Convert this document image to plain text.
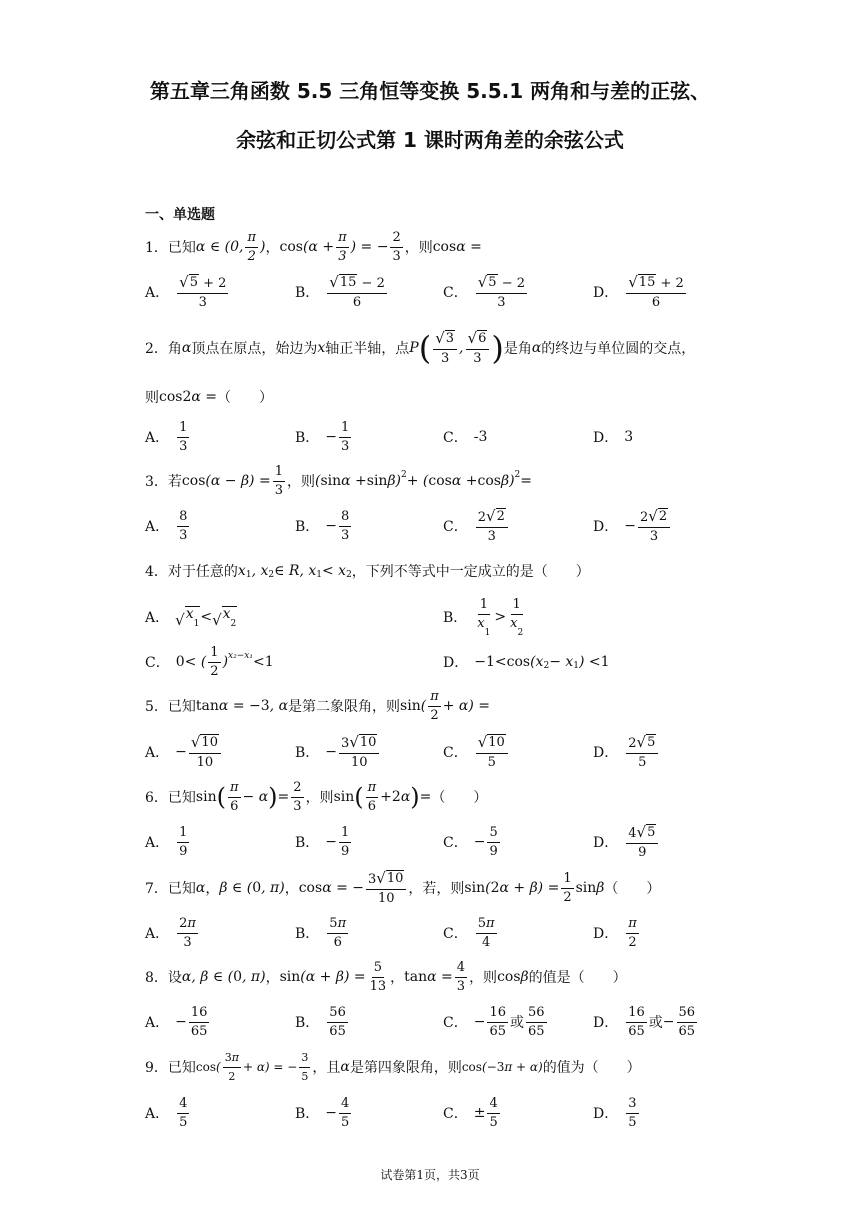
第五章三角函数 5.5 三角恒等变换 5.5.1 两角和与差的正弦、
余弦和正切公式第 1 课时两角差的余弦公式
一、单选题
1． 已知 α ∈ (0, $\frac{\pi}{2}$ ) ， $\cos (\alpha + \frac{\pi}{3}$ ) = − $\frac{2}{3}$ ，则 cos α =
A． $\frac{√ 5 + 2}{3}$	B． $\frac{√ 15 - 2}{6}$	C． $\frac{√ 5 - 2}{3}$	D． $\frac{√ 15 + 2}{6}$
2． 角 α 顶点在原点，始边为 x 轴正半轴，点 P ( $\frac{√ 3}{3}$ , $\frac{√ 6}{3}$ ) 是角 α 的终边与单位圆的交点，
则 cos2 α = （　　）
A． $\frac{1}{3}$	B． − $\frac{1}{3}$	C． -3	D． 3
3． 若 $\cos (\alpha - \beta) = \frac{1}{3}$ ，则 ( sin α + sin β)$^2$ + ( cos α + cos β)$^2$ =
A． $\frac{8}{3}$	B． − $\frac{8}{3}$	C． $\frac{2 √ 2}{3}$	D． − $\frac{2 √ 2}{3}$
4． 对于任意的 $x_1$ , $x_2$ ∈ R, $x_1 < x_2$ ，下列不等式中一定成立的是（　　）
A． √ $x_1$ < √ $x_2$	B． $\frac{1}{x_1} > \frac{1}{x_2}$
C． 0 < ( $\frac{1}{2} )^{x_2-x_1} < 1$	D． − $1 < \cos (x_2 - x_1$ ) < 1
5． 已知 tan α = − 3 , α 是第二象限角，则 sin ( $\frac{\pi}{2} + \alpha$) =
A． − $\frac{√ 10}{10}$	B． − $\frac{3 √ 10}{10}$	C． $\frac{√ 10}{5}$	D． $\frac{2 √ 5}{5}$
6． 已知 sin ( $\frac{\pi}{6} - \alpha$ ) = $\frac{2}{3}$ ，则 sin ( $\frac{\pi}{6} + 2$ α ) = （　　）
A． $\frac{1}{9}$	B． − $\frac{1}{9}$	C． − $\frac{5}{9}$	D． $\frac{4 √ 5}{9}$
7． 已知 α ， β ∈ ( 0 , π) ， cos α = − $\frac{3 √ 10}{10}$ ，若 ，则 sin ( 2 $\alpha + \beta) = \frac{1}{2}$ sin β （　　）
A． $\frac{2\pi}{3}$	B． $\frac{5\pi}{6}$	C． $\frac{5\pi}{4}$	D． $\frac{\pi}{2}$
8． 设 α, β ∈ ( 0 , π) ， $\sin (\alpha + \beta) = \frac{5}{13}$ ， $\tan \alpha = \frac{4}{3}$ ，则 cos β 的值是（　　）
A． − $\frac{16}{65}$	B． $\frac{56}{65}$	C． − $\frac{16}{65}$ 或 $\frac{56}{65}$	D． $\frac{16}{65}$ 或 − $\frac{56}{65}$
9． 已知 cos ( $\frac{3\pi}{2} + \alpha$) = − $\frac{3}{5}$ ，且 α 是第四象限角，则 cos (− 3 π + α) 的值为（　　）
A． $\frac{4}{5}$	B． − $\frac{4}{5}$	C． ± $\frac{4}{5}$	D． $\frac{3}{5}$
试卷第1页，共3页
